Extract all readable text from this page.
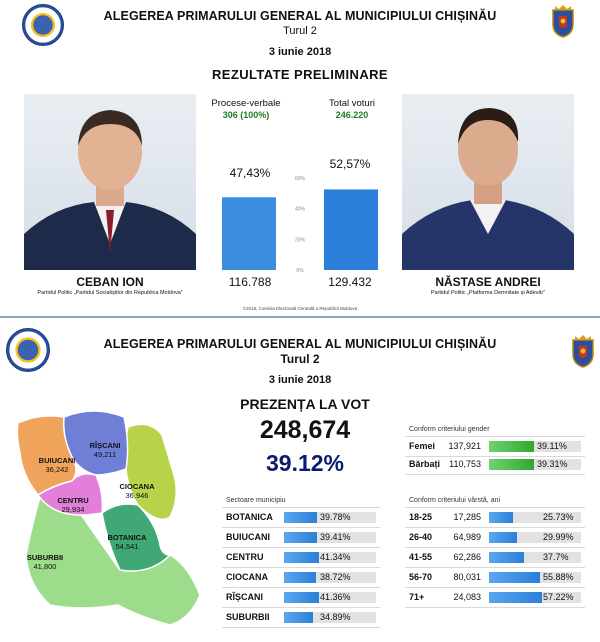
ALEGEREA PRIMARULUI GENERAL AL MUNICIPIULUI CHIȘINĂU
Turul 2
3 iunie 2018
REZULTATE PRELIMINARE
Procese-verbale
306 (100%)
Total voturi
246.220
60%
40%
20%
0%
47,43%
52,57%
116.788	129.432
CEBAN ION
Partidul Politic „Partidul Socialiștilor din Republica Moldova”
NĂSTASE ANDREI
Partidul Politic „Platforma Demnitate și Adevăr”
©2018, Comisia Electorală Centrală a Republicii Moldova
ALEGEREA PRIMARULUI GENERAL AL MUNICIPIULUI CHIȘINĂU
Turul 2
3 iunie 2018
PREZENȚA LA VOT
248,674
39.12%
RÎȘCANI
49,211
BUIUCANI
36,242
CIOCANA
36,946
CENTRU
29,934
BOTANICA
54,541
SUBURBII
41,800
Conform criteriului gender
Femei	137,921	39.11%
Bărbați	110,753	39.31%
Sectoare municipiu
BOTANICA	39.78%
BUIUCANI	39.41%
CENTRU	41.34%
CIOCANA	38.72%
RÎȘCANI	41.36%
SUBURBII	34.89%
Conform criteriului vârstă, ani
18-25	17,285	25.73%
26-40	64,989	29.99%
41-55	62,286	37.7%
56-70	80,031	55.88%
71+	24,083	57.22%
